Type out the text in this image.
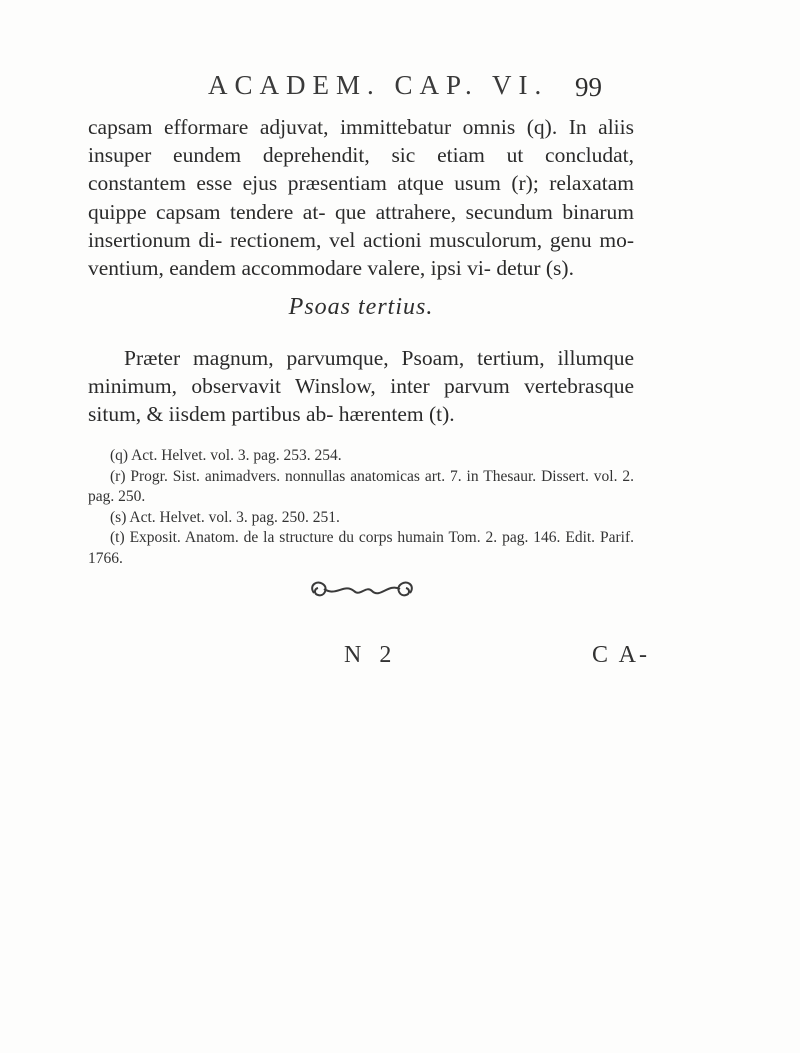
ACADEM. CAP. VI. 99

capsam efformare adjuvat, immittebatur omnis (q). In aliis insuper eundem deprehendit, sic etiam ut concludat, constantem esse ejus præsentiam atque usum (r); relaxatam quippe capsam tendere at- que attrahere, secundum binarum insertionum di- rectionem, vel actioni musculorum, genu mo- ventium, eandem accommodare valere, ipsi vi- detur (s).

Psoas tertius.

Præter magnum, parvumque, Psoam, tertium, illumque minimum, observavit Winslow, inter parvum vertebrasque situm, & iisdem partibus ab- hærentem (t).

(q) Act. Helvet. vol. 3. pag. 253. 254.

(r) Progr. Sist. animadvers. nonnullas anatomicas art. 7. in Thesaur. Dissert. vol. 2. pag. 250.

(s) Act. Helvet. vol. 3. pag. 250. 251.

(t) Exposit. Anatom. de la structure du corps humain Tom. 2. pag. 146. Edit. Parif. 1766.

N 2	C A-
